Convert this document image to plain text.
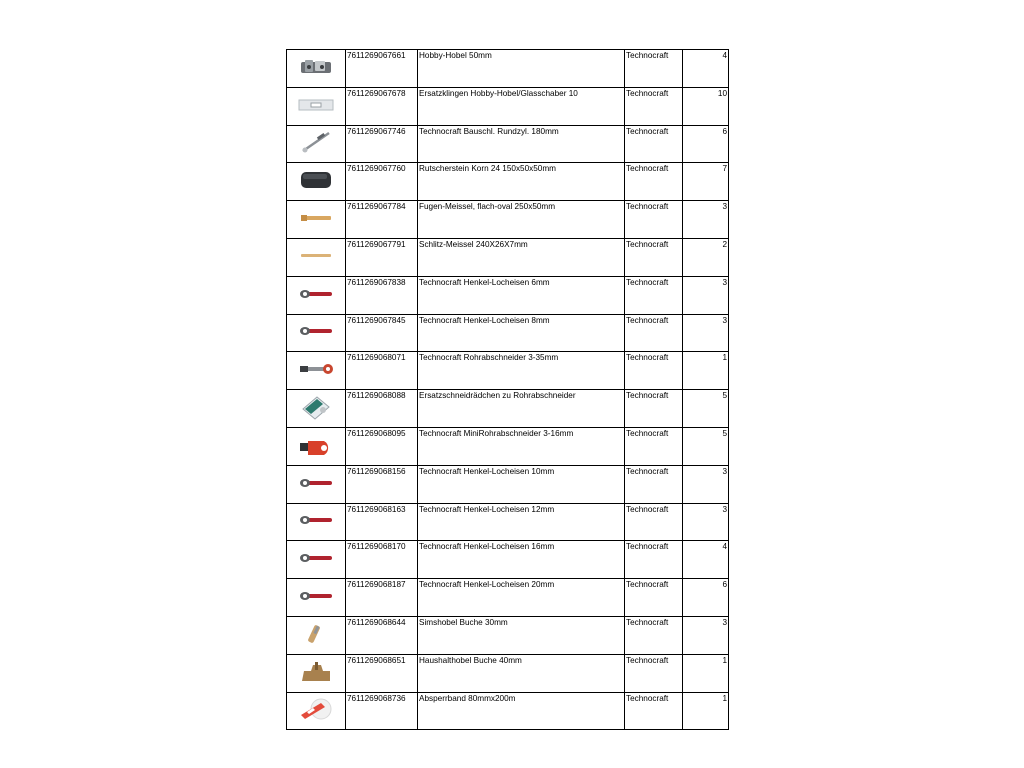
	7611269067661	Hobby-Hobel 50mm	Technocraft	4

	7611269067678	Ersatzklingen Hobby-Hobel/Glasschaber 10	Technocraft	10

	7611269067746	Technocraft Bauschl. Rundzyl. 180mm	Technocraft	6

	7611269067760	Rutscherstein Korn 24 150x50x50mm	Technocraft	7

	7611269067784	Fugen-Meissel, flach-oval 250x50mm	Technocraft	3

	7611269067791	Schlitz-Meissel 240X26X7mm	Technocraft	2

	7611269067838	Technocraft Henkel-Locheisen 6mm	Technocraft	3

	7611269067845	Technocraft Henkel-Locheisen 8mm	Technocraft	3

	7611269068071	Technocraft Rohrabschneider 3-35mm	Technocraft	1

	7611269068088	Ersatzschneidrädchen zu Rohrabschneider	Technocraft	5

	7611269068095	Technocraft MiniRohrabschneider 3-16mm	Technocraft	5

	7611269068156	Technocraft Henkel-Locheisen 10mm	Technocraft	3

	7611269068163	Technocraft Henkel-Locheisen 12mm	Technocraft	3

	7611269068170	Technocraft Henkel-Locheisen 16mm	Technocraft	4

	7611269068187	Technocraft Henkel-Locheisen 20mm	Technocraft	6

	7611269068644	Simshobel Buche 30mm	Technocraft	3

	7611269068651	Haushalthobel Buche 40mm	Technocraft	1

	7611269068736	Absperrband 80mmx200m	Technocraft	1
